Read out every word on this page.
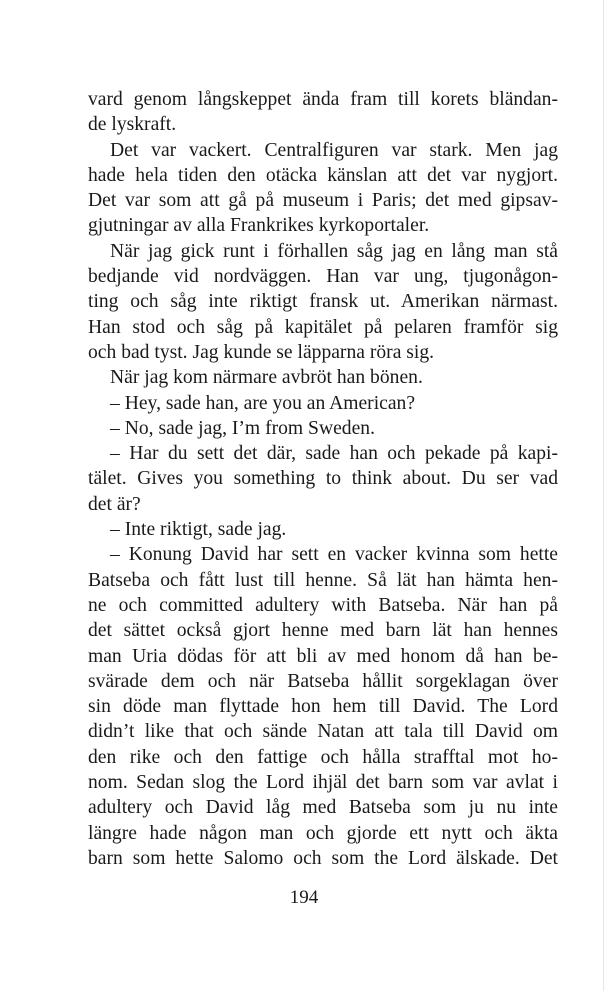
vard genom långskeppet ända fram till korets bländan-
de lyskraft.
Det var vackert. Centralfiguren var stark. Men jag
hade hela tiden den otäcka känslan att det var nygjort.
Det var som att gå på museum i Paris; det med gipsav-
gjutningar av alla Frankrikes kyrkoportaler.
När jag gick runt i förhallen såg jag en lång man stå
bedjande vid nordväggen. Han var ung, tjugonågon-
ting och såg inte riktigt fransk ut. Amerikan närmast.
Han stod och såg på kapitälet på pelaren framför sig
och bad tyst. Jag kunde se läpparna röra sig.
När jag kom närmare avbröt han bönen.
– Hey, sade han, are you an American?
– No, sade jag, I’m from Sweden.
– Har du sett det där, sade han och pekade på kapi-
tälet. Gives you something to think about. Du ser vad
det är?
– Inte riktigt, sade jag.
– Konung David har sett en vacker kvinna som hette
Batseba och fått lust till henne. Så lät han hämta hen-
ne och committed adultery with Batseba. När han på
det sättet också gjort henne med barn lät han hennes
man Uria dödas för att bli av med honom då han be-
svärade dem och när Batseba hållit sorgeklagan över
sin döde man flyttade hon hem till David. The Lord
didn’t like that och sände Natan att tala till David om
den rike och den fattige och hålla strafftal mot ho-
nom. Sedan slog the Lord ihjäl det barn som var avlat i
adultery och David låg med Batseba som ju nu inte
längre hade någon man och gjorde ett nytt och äkta
barn som hette Salomo och som the Lord älskade. Det
194
